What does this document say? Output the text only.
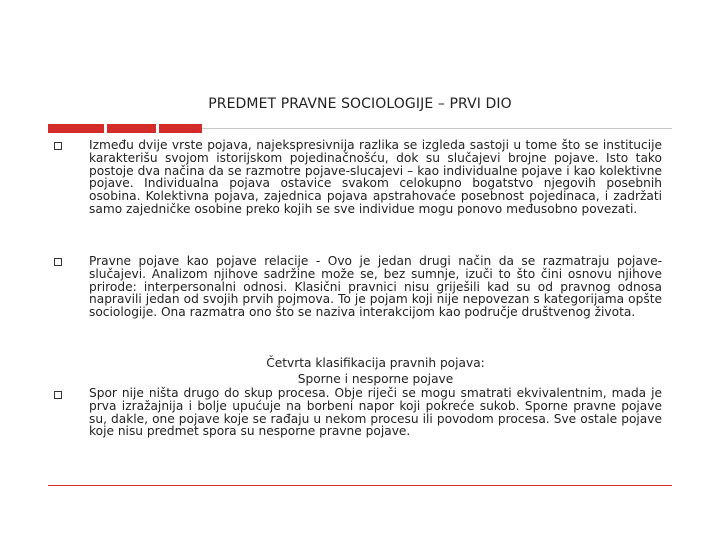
PREDMET PRAVNE SOCIOLOGIJE – PRVI DIO
Između dvije vrste pojava, najekspresivnija razlika se izgleda sastoji u tome što se institucije karakterišu svojom istorijskom pojedinačnošću, dok su slučajevi brojne pojave. Isto tako postoje dva načina da se razmotre pojave-slucajevi – kao individualne pojave i kao kolektivne pojave. Individualna pojava ostavice svakom celokupno bogatstvo njegovih posebnih osobina. Kolektivna pojava, zajednica pojava apstrahovaće posebnost pojedinaca, i zadržati samo zajedničke osobine preko kojih se sve individue mogu ponovo međusobno povezati.
Pravne pojave kao pojave relacije - Ovo je jedan drugi način da se razmatraju pojave-slučajevi. Analizom njihove sadržine može se, bez sumnje, izuči to što čini osnovu njihove prirode: interpersonalni odnosi. Klasični pravnici nisu griješili kad su od pravnog odnosa napravili jedan od svojih prvih pojmova. To je pojam koji nije nepovezan s kategorijama opšte sociologije. Ona razmatra ono što se naziva interakcijom kao područje društvenog života.
Četvrta klasifikacija pravnih pojava:
Sporne i nesporne pojave
Spor nije ništa drugo do skup procesa. Obje riječi se mogu smatrati ekvivalentnim, mada je prva izražajnija i bolje upućuje na borbeni napor koji pokreće sukob. Sporne pravne pojave su, dakle, one pojave koje se rađaju u nekom procesu ili povodom procesa. Sve ostale pojave koje nisu predmet spora su nesporne pravne pojave.
